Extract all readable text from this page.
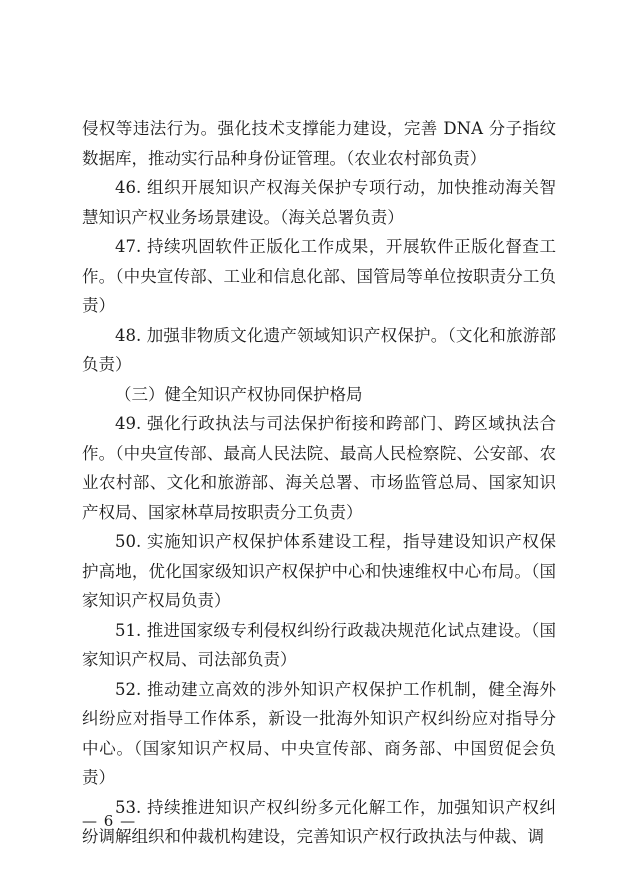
侵权等违法行为。强化技术支撑能力建设，完善 DNA 分子指纹数据库，推动实行品种身份证管理。（农业农村部负责）

46. 组织开展知识产权海关保护专项行动，加快推动海关智慧知识产权业务场景建设。（海关总署负责）

47. 持续巩固软件正版化工作成果，开展软件正版化督查工作。（中央宣传部、工业和信息化部、国管局等单位按职责分工负责）

48. 加强非物质文化遗产领域知识产权保护。（文化和旅游部负责）

（三）健全知识产权协同保护格局

49. 强化行政执法与司法保护衔接和跨部门、跨区域执法合作。（中央宣传部、最高人民法院、最高人民检察院、公安部、农业农村部、文化和旅游部、海关总署、市场监管总局、国家知识产权局、国家林草局按职责分工负责）

50. 实施知识产权保护体系建设工程，指导建设知识产权保护高地，优化国家级知识产权保护中心和快速维权中心布局。（国家知识产权局负责）

51. 推进国家级专利侵权纠纷行政裁决规范化试点建设。（国家知识产权局、司法部负责）

52. 推动建立高效的涉外知识产权保护工作机制，健全海外纠纷应对指导工作体系，新设一批海外知识产权纠纷应对指导分中心。（国家知识产权局、中央宣传部、商务部、中国贸促会负责）

53. 持续推进知识产权纠纷多元化解工作，加强知识产权纠纷调解组织和仲裁机构建设，完善知识产权行政执法与仲裁、调

— 6 —
